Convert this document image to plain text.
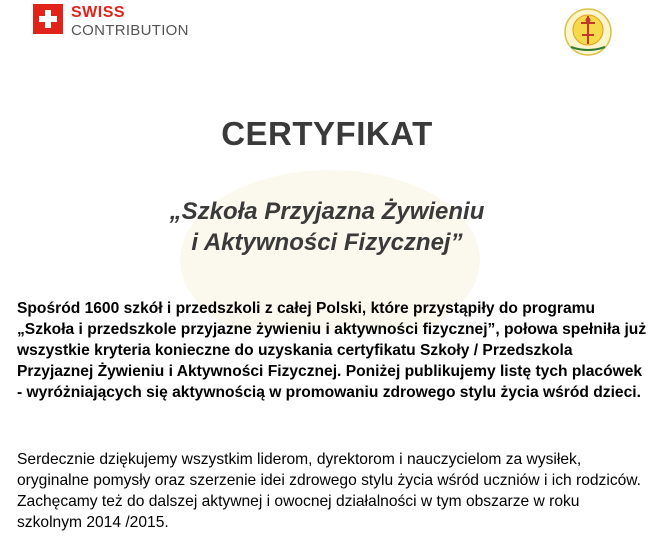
SWISS
CONTRIBUTION
CERTYFIKAT
„Szkoła Przyjazna Żywieniu
i Aktywności Fizycznej”

Spośród 1600 szkół i przedszkoli z całej Polski, które przystąpiły do programu „Szkoła i przedszkole przyjazne żywieniu i aktywności fizycznej”, połowa spełniła już wszystkie kryteria konieczne do uzyskania certyfikatu Szkoły / Przedszkola Przyjaznej Żywieniu i Aktywności Fizycznej. Poniżej publikujemy listę tych placówek - wyróżniających się aktywnością w promowaniu zdrowego stylu życia wśród dzieci.

Serdecznie dziękujemy wszystkim liderom, dyrektorom i nauczycielom za wysiłek, oryginalne pomysły oraz szerzenie idei zdrowego stylu życia wśród uczniów i ich rodziców. Zachęcamy też do dalszej aktywnej i owocnej działalności w tym obszarze w roku szkolnym 2014 /2015.
